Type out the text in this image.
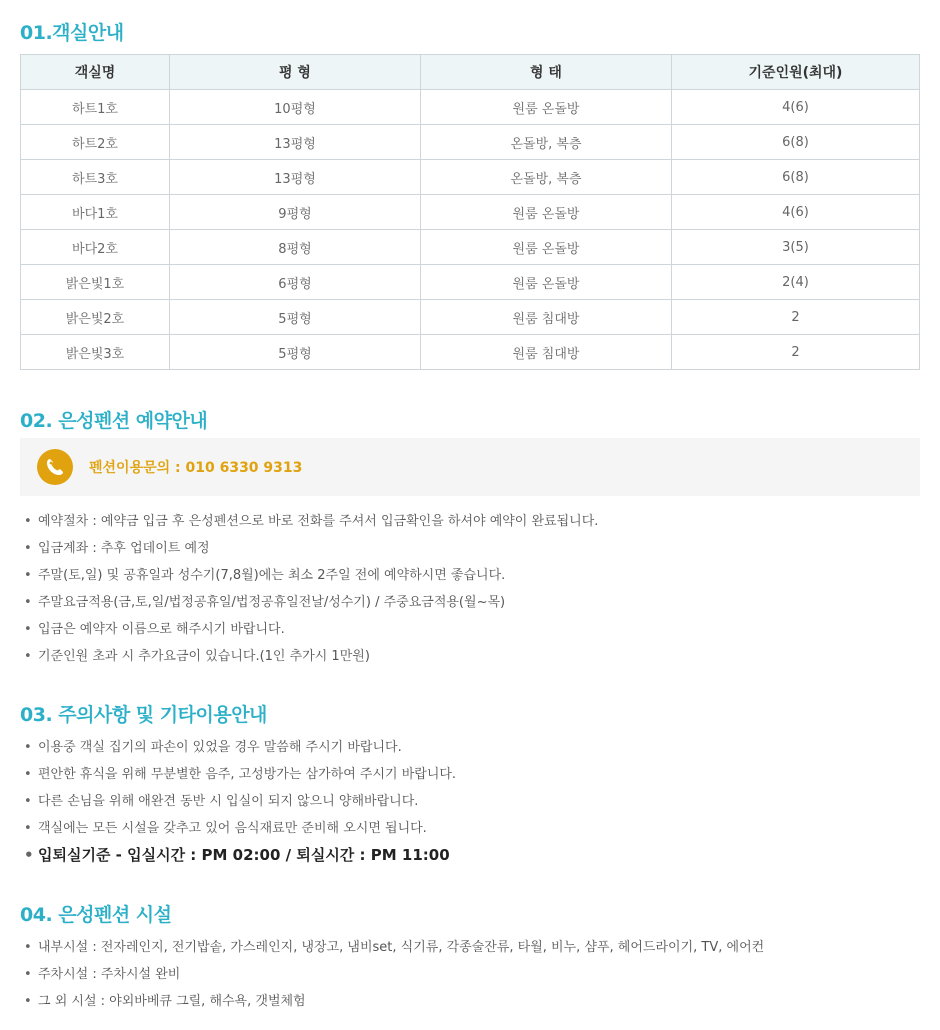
01.객실안내
객실명	평 형	형 태	기준인원(최대)
하트1호	10평형	원룸 온돌방	4(6)
하트2호	13평형	온돌방, 복층	6(8)
하트3호	13평형	온돌방, 복층	6(8)
바다1호	9평형	원룸 온돌방	4(6)
바다2호	8평형	원룸 온돌방	3(5)
밝은빛1호	6평형	원룸 온돌방	2(4)
밝은빛2호	5평형	원룸 침대방	2
밝은빛3호	5평형	원룸 침대방	2
02. 은성펜션 예약안내
펜션이용문의 : 010 6330 9313
• 예약절차 : 예약금 입금 후 은성펜션으로 바로 전화를 주셔서 입금확인을 하셔야 예약이 완료됩니다.
• 입금계좌 : 추후 업데이트 예정
• 주말(토,일) 및 공휴일과 성수기(7,8월)에는 최소 2주일 전에 예약하시면 좋습니다.
• 주말요금적용(금,토,일/법정공휴일/법정공휴일전날/성수기) / 주중요금적용(월~목)
• 입금은 예약자 이름으로 해주시기 바랍니다.
• 기준인원 초과 시 추가요금이 있습니다.(1인 추가시 1만원)
03. 주의사항 및 기타이용안내
• 이용중 객실 집기의 파손이 있었을 경우 말씀해 주시기 바랍니다.
• 편안한 휴식을 위해 무분별한 음주, 고성방가는 삼가하여 주시기 바랍니다.
• 다른 손님을 위해 애완견 동반 시 입실이 되지 않으니 양해바랍니다.
• 객실에는 모든 시설을 갖추고 있어 음식재료만 준비해 오시면 됩니다.
• 입퇴실기준 - 입실시간 : PM 02:00 / 퇴실시간 : PM 11:00
04. 은성펜션 시설
• 내부시설 : 전자레인지, 전기밥솥, 가스레인지, 냉장고, 냄비set, 식기류, 각종술잔류, 타월, 비누, 샴푸, 헤어드라이기, TV, 에어컨
• 주차시설 : 주차시설 완비
• 그 외 시설 : 야외바베큐 그릴, 해수욕, 갯벌체험
